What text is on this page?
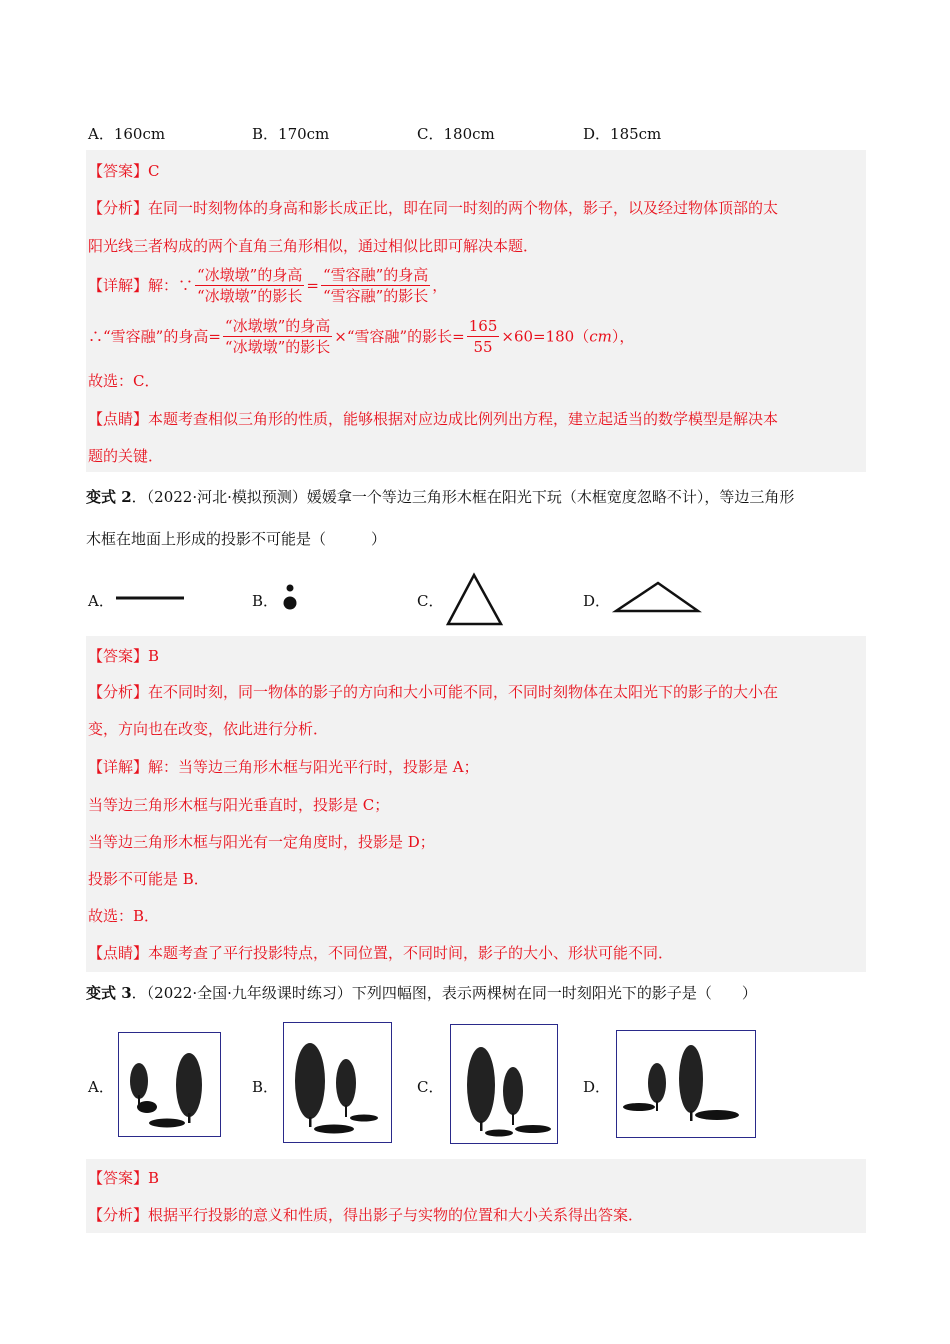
A．160cm	B．170cm	C．180cm	D．185cm
【答案】C
【分析】在同一时刻物体的身高和影长成正比，即在同一时刻的两个物体，影子，以及经过物体顶部的太
阳光线三者构成的两个直角三角形相似，通过相似比即可解决本题．
【详解】解：∵ $\frac{\text{“冰墩墩”的身高}}{\text{“冰墩墩”的影长}} = \frac{\text{“雪容融”的身高}}{\text{“雪容融”的影长}}$ ，
∴“雪容融”的身高= $\frac{\text{“冰墩墩”的身高}}{\text{“冰墩墩”的影长}}$ ×“雪容融”的影长= $\frac{165}{55} \times 60=180(cm)$，
故选：C．
【点睛】本题考查相似三角形的性质，能够根据对应边成比例列出方程，建立起适当的数学模型是解决本
题的关键．
变式 2．（2022·河北·模拟预测）媛媛拿一个等边三角形木框在阳光下玩（木框宽度忽略不计），等边三角形
木框在地面上形成的投影不可能是（　　　）
A．	B．	C．	D．
【答案】B
【分析】在不同时刻，同一物体的影子的方向和大小可能不同，不同时刻物体在太阳光下的影子的大小在
变，方向也在改变，依此进行分析．
【详解】解：当等边三角形木框与阳光平行时，投影是 A；
当等边三角形木框与阳光垂直时，投影是 C；
当等边三角形木框与阳光有一定角度时，投影是 D；
投影不可能是 B．
故选：B．
【点睛】本题考查了平行投影特点，不同位置，不同时间，影子的大小、形状可能不同．
变式 3．（2022·全国·九年级课时练习）下列四幅图，表示两棵树在同一时刻阳光下的影子是（　　）
A．	B．	C．	D．
【答案】B
【分析】根据平行投影的意义和性质，得出影子与实物的位置和大小关系得出答案．
